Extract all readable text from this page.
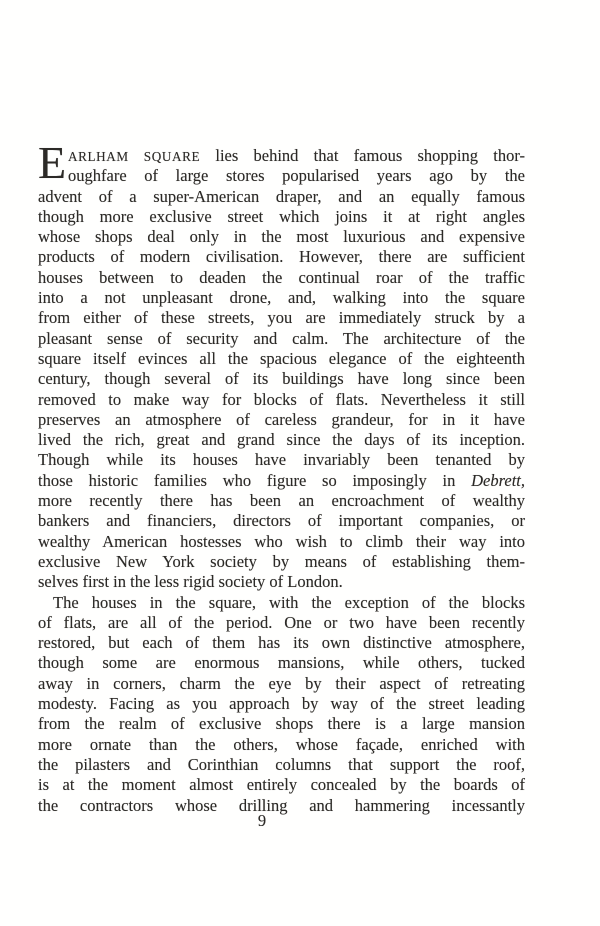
E ARLHAM SQUARE lies behind that famous shopping thor-
oughfare of large stores popularised years ago by the
advent of a super-American draper, and an equally famous
though more exclusive street which joins it at right angles
whose shops deal only in the most luxurious and expensive
products of modern civilisation. However, there are sufficient
houses between to deaden the continual roar of the traffic
into a not unpleasant drone, and, walking into the square
from either of these streets, you are immediately struck by a
pleasant sense of security and calm. The architecture of the
square itself evinces all the spacious elegance of the eighteenth
century, though several of its buildings have long since been
removed to make way for blocks of flats. Nevertheless it still
preserves an atmosphere of careless grandeur, for in it have
lived the rich, great and grand since the days of its inception.
Though while its houses have invariably been tenanted by
those historic families who figure so imposingly in Debrett,
more recently there has been an encroachment of wealthy
bankers and financiers, directors of important companies, or
wealthy American hostesses who wish to climb their way into
exclusive New York society by means of establishing them-
selves first in the less rigid society of London.
The houses in the square, with the exception of the blocks
of flats, are all of the period. One or two have been recently
restored, but each of them has its own distinctive atmosphere,
though some are enormous mansions, while others, tucked
away in corners, charm the eye by their aspect of retreating
modesty. Facing as you approach by way of the street leading
from the realm of exclusive shops there is a large mansion
more ornate than the others, whose façade, enriched with
the pilasters and Corinthian columns that support the roof,
is at the moment almost entirely concealed by the boards of
the contractors whose drilling and hammering incessantly
9
